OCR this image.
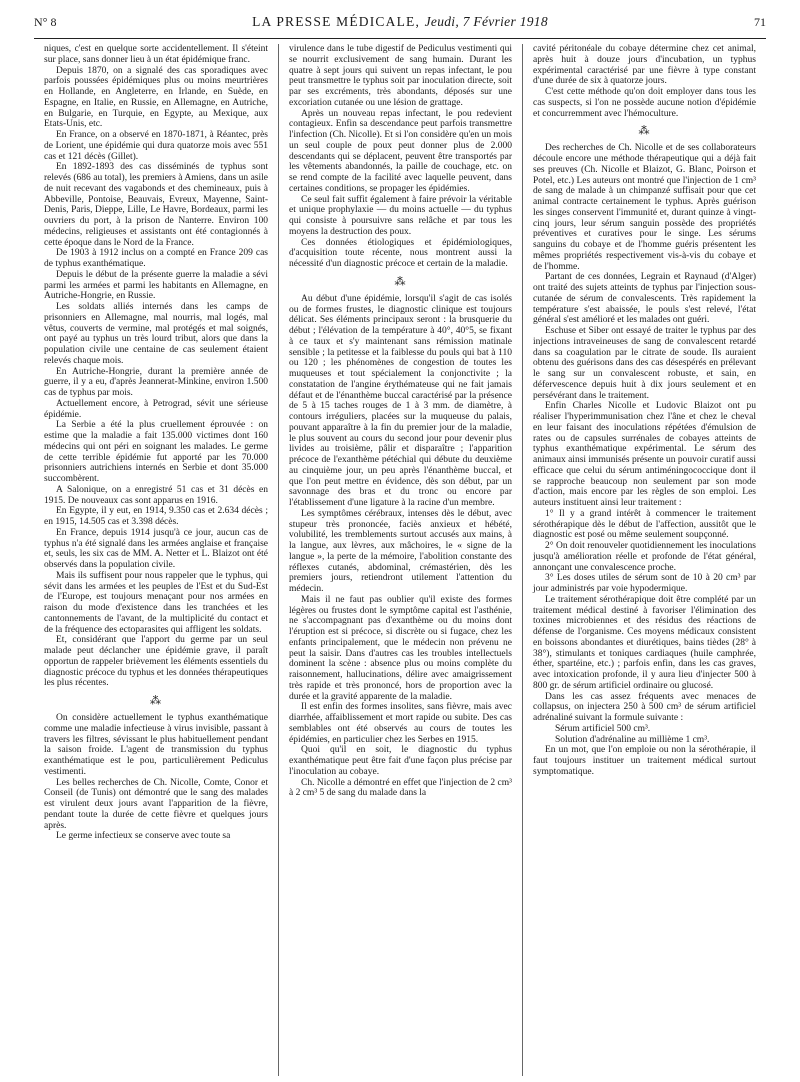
N° 8	LA PRESSE MÉDICALE, Jeudi, 7 Février 1918	71

niques, c'est en quelque sorte accidentellement. Il s'éteint sur place, sans donner lieu à un état épidémique franc.

Depuis 1870, on a signalé des cas sporadiques avec parfois poussées épidémiques plus ou moins meurtrières en Hollande, en Angleterre, en Irlande, en Suède, en Espagne, en Italie, en Russie, en Allemagne, en Autriche, en Bulgarie, en Turquie, en Egypte, au Mexique, aux Etats-Unis, etc.

En France, on a observé en 1870-1871, à Réantec, près de Lorient, une épidémie qui dura quatorze mois avec 551 cas et 121 décès (Gillet).

En 1892-1893 des cas disséminés de typhus sont relevés (686 au total), les premiers à Amiens, dans un asile de nuit recevant des vagabonds et des chemineaux, puis à Abbeville, Pontoise, Beauvais, Evreux, Mayenne, Saint-Denis, Paris, Dieppe, Lille, Le Havre, Bordeaux, parmi les ouvriers du port, à la prison de Nanterre. Environ 100 médecins, religieuses et assistants ont été contagionnés à cette époque dans le Nord de la France.

De 1903 à 1912 inclus on a compté en France 209 cas de typhus exanthématique.

Depuis le début de la présente guerre la maladie a sévi parmi les armées et parmi les habitants en Allemagne, en Autriche-Hongrie, en Russie.

Les soldats alliés internés dans les camps de prisonniers en Allemagne, mal nourris, mal logés, mal vêtus, couverts de vermine, mal protégés et mal soignés, ont payé au typhus un très lourd tribut, alors que dans la population civile une centaine de cas seulement étaient relevés chaque mois.

En Autriche-Hongrie, durant la première année de guerre, il y a eu, d'après Jeannerat-Minkine, environ 1.500 cas de typhus par mois.

Actuellement encore, à Petrograd, sévit une sérieuse épidémie.

La Serbie a été la plus cruellement éprouvée : on estime que la maladie a fait 135.000 victimes dont 160 médecins qui ont péri en soignant les malades. Le germe de cette terrible épidémie fut apporté par les 70.000 prisonniers autrichiens internés en Serbie et dont 35.000 succombèrent.

A Salonique, on a enregistré 51 cas et 31 décès en 1915. De nouveaux cas sont apparus en 1916.

En Egypte, il y eut, en 1914, 9.350 cas et 2.634 décès ; en 1915, 14.505 cas et 3.398 décès.

En France, depuis 1914 jusqu'à ce jour, aucun cas de typhus n'a été signalé dans les armées anglaise et française et, seuls, les six cas de MM. A. Netter et L. Blaizot ont été observés dans la population civile.

Mais ils suffisent pour nous rappeler que le typhus, qui sévit dans les armées et les peuples de l'Est et du Sud-Est de l'Europe, est toujours menaçant pour nos armées en raison du mode d'existence dans les tranchées et les cantonnements de l'avant, de la multiplicité du contact et de la fréquence des ectoparasites qui affligent les soldats.

Et, considérant que l'apport du germe par un seul malade peut déclancher une épidémie grave, il paraît opportun de rappeler brièvement les éléments essentiels du diagnostic précoce du typhus et les données thérapeutiques les plus récentes.

⁂

On considère actuellement le typhus exanthématique comme une maladie infectieuse à virus invisible, passant à travers les filtres, sévissant le plus habituellement pendant la saison froide. L'agent de transmission du typhus exanthématique est le pou, particulièrement Pediculus vestimenti.

Les belles recherches de Ch. Nicolle, Comte, Conor et Conseil (de Tunis) ont démontré que le sang des malades est virulent deux jours avant l'apparition de la fièvre, pendant toute la durée de cette fièvre et quelques jours après.

Le germe infectieux se conserve avec toute sa

virulence dans le tube digestif de Pediculus vestimenti qui se nourrit exclusivement de sang humain. Durant les quatre à sept jours qui suivent un repas infectant, le pou peut transmettre le typhus soit par inoculation directe, soit par ses excréments, très abondants, déposés sur une excoriation cutanée ou une lésion de grattage.

Après un nouveau repas infectant, le pou redevient contagieux. Enfin sa descendance peut parfois transmettre l'infection (Ch. Nicolle). Et si l'on considère qu'en un mois un seul couple de poux peut donner plus de 2.000 descendants qui se déplacent, peuvent être transportés par les vêtements abandonnés, la paille de couchage, etc. on se rend compte de la facilité avec laquelle peuvent, dans certaines conditions, se propager les épidémies.

Ce seul fait suffit également à faire prévoir la véritable et unique prophylaxie — du moins actuelle — du typhus qui consiste à poursuivre sans relâche et par tous les moyens la destruction des poux.

Ces données étiologiques et épidémiologiques, d'acquisition toute récente, nous montrent aussi la nécessité d'un diagnostic précoce et certain de la maladie.

⁂

Au début d'une épidémie, lorsqu'il s'agit de cas isolés ou de formes frustes, le diagnostic clinique est toujours délicat. Ses éléments principaux seront : la brusquerie du début ; l'élévation de la température à 40°, 40°5, se fixant à ce taux et s'y maintenant sans rémission matinale sensible ; la petitesse et la faiblesse du pouls qui bat à 110 ou 120 ; les phénomènes de congestion de toutes les muqueuses et tout spécialement la conjonctivite ; la constatation de l'angine érythémateuse qui ne fait jamais défaut et de l'énanthème buccal caractérisé par la présence de 5 à 15 taches rouges de 1 à 3 mm. de diamètre, à contours irréguliers, placées sur la muqueuse du palais, pouvant apparaître à la fin du premier jour de la maladie, le plus souvent au cours du second jour pour devenir plus livides au troisième, pâlir et disparaître ; l'apparition précoce de l'exanthème pétéchial qui débute du deuxième au cinquième jour, un peu après l'énanthème buccal, et que l'on peut mettre en évidence, dès son début, par un savonnage des bras et du tronc ou encore par l'établissement d'une ligature à la racine d'un membre.

Les symptômes cérébraux, intenses dès le début, avec stupeur très prononcée, faciès anxieux et hébété, volubilité, les tremblements surtout accusés aux mains, à la langue, aux lèvres, aux mâchoires, le « signe de la langue », la perte de la mémoire, l'abolition constante des réflexes cutanés, abdominal, crémastérien, dès les premiers jours, retiendront utilement l'attention du médecin.

Mais il ne faut pas oublier qu'il existe des formes légères ou frustes dont le symptôme capital est l'asthénie, ne s'accompagnant pas d'exanthème ou du moins dont l'éruption est si précoce, si discrète ou si fugace, chez les enfants principalement, que le médecin non prévenu ne peut la saisir. Dans d'autres cas les troubles intellectuels dominent la scène : absence plus ou moins complète du raisonnement, hallucinations, délire avec amaigrissement très rapide et très prononcé, hors de proportion avec la durée et la gravité apparente de la maladie.

Il est enfin des formes insolites, sans fièvre, mais avec diarrhée, affaiblissement et mort rapide ou subite. Des cas semblables ont été observés au cours de toutes les épidémies, en particulier chez les Serbes en 1915.

Quoi qu'il en soit, le diagnostic du typhus exanthématique peut être fait d'une façon plus précise par l'inoculation au cobaye.

Ch. Nicolle a démontré en effet que l'injection de 2 cm³ à 2 cm³ 5 de sang du malade dans la

cavité péritonéale du cobaye détermine chez cet animal, après huit à douze jours d'incubation, un typhus expérimental caractérisé par une fièvre à type constant d'une durée de six à quatorze jours.

C'est cette méthode qu'on doit employer dans tous les cas suspects, si l'on ne possède aucune notion d'épidémie et concurremment avec l'hémoculture.

⁂

Des recherches de Ch. Nicolle et de ses collaborateurs découle encore une méthode thérapeutique qui a déjà fait ses preuves (Ch. Nicolle et Blaizot, G. Blanc, Poirson et Potel, etc.) Les auteurs ont montré que l'injection de 1 cm³ de sang de malade à un chimpanzé suffisait pour que cet animal contracte certainement le typhus. Après guérison les singes conservent l'immunité et, durant quinze à vingt-cinq jours, leur sérum sanguin possède des propriétés préventives et curatives pour le singe. Les sérums sanguins du cobaye et de l'homme guéris présentent les mêmes propriétés respectivement vis-à-vis du cobaye et de l'homme.

Partant de ces données, Legrain et Raynaud (d'Alger) ont traité des sujets atteints de typhus par l'injection sous-cutanée de sérum de convalescents. Très rapidement la température s'est abaissée, le pouls s'est relevé, l'état général s'est amélioré et les malades ont guéri.

Eschuse et Siber ont essayé de traiter le typhus par des injections intraveineuses de sang de convalescent retardé dans sa coagulation par le citrate de soude. Ils auraient obtenu des guérisons dans des cas désespérés en prélevant le sang sur un convalescent robuste, et sain, en défervescence depuis huit à dix jours seulement et en persévérant dans le traitement.

Enfin Charles Nicolle et Ludovic Blaizot ont pu réaliser l'hyperimmunisation chez l'âne et chez le cheval en leur faisant des inoculations répétées d'émulsion de rates ou de capsules surrénales de cobayes atteints de typhus exanthématique expérimental. Le sérum des animaux ainsi immunisés présente un pouvoir curatif aussi efficace que celui du sérum antiméningococcique dont il se rapproche beaucoup non seulement par son mode d'action, mais encore par les règles de son emploi. Les auteurs instituent ainsi leur traitement :

1° Il y a grand intérêt à commencer le traitement sérothérapique dès le début de l'affection, aussitôt que le diagnostic est posé ou même seulement soupçonné.

2° On doit renouveler quotidiennement les inoculations jusqu'à amélioration réelle et profonde de l'état général, annonçant une convalescence proche.

3° Les doses utiles de sérum sont de 10 à 20 cm³ par jour administrés par voie hypodermique.

Le traitement sérothérapique doit être complété par un traitement médical destiné à favoriser l'élimination des toxines microbiennes et des résidus des réactions de défense de l'organisme. Ces moyens médicaux consistent en boissons abondantes et diurétiques, bains tièdes (28° à 38°), stimulants et toniques cardiaques (huile camphrée, éther, spartéine, etc.) ; parfois enfin, dans les cas graves, avec intoxication profonde, il y aura lieu d'injecter 500 à 800 gr. de sérum artificiel ordinaire ou glucosé.

Dans les cas assez fréquents avec menaces de collapsus, on injectera 250 à 500 cm³ de sérum artificiel adrénaliné suivant la formule suivante :

Sérum artificiel 500 cm³.

Solution d'adrénaline au millième 1 cm³.

En un mot, que l'on emploie ou non la sérothérapie, il faut toujours instituer un traitement médical surtout symptomatique.
